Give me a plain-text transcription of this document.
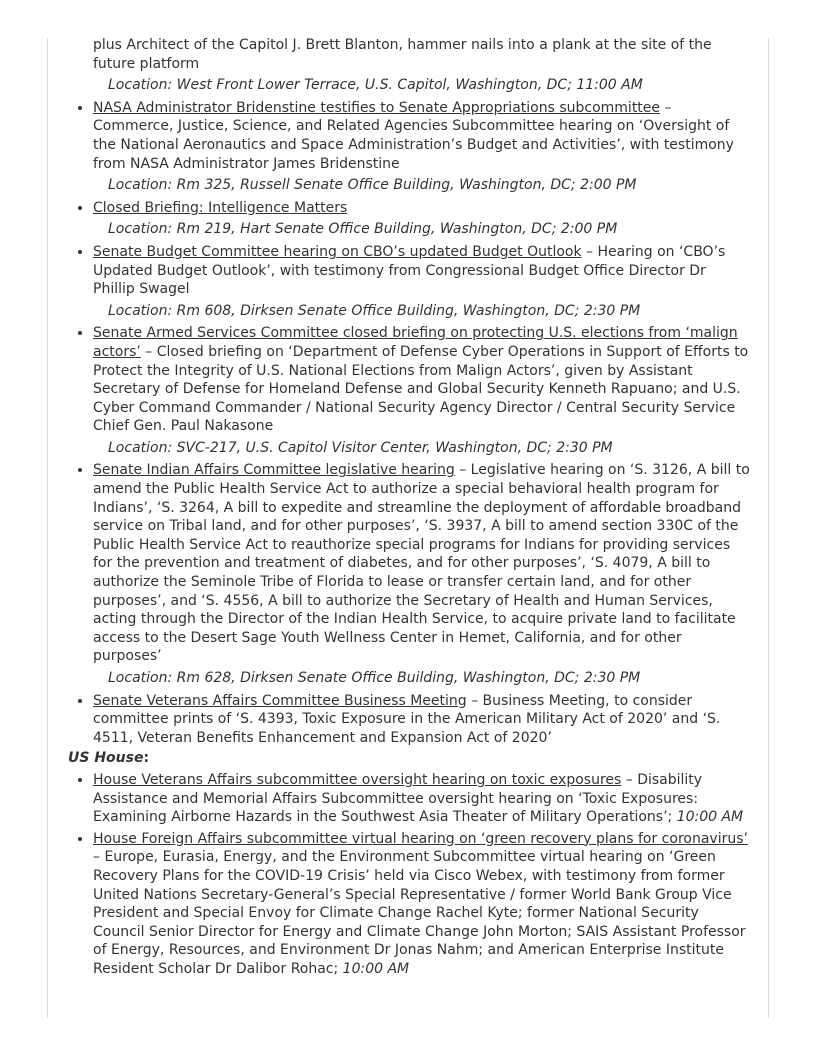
plus Architect of the Capitol J. Brett Blanton, hammer nails into a plank at the site of the future platform
Location: West Front Lower Terrace, U.S. Capitol, Washington, DC; 11:00 AM
• NASA Administrator Bridenstine testifies to Senate Appropriations subcommittee – Commerce, Justice, Science, and Related Agencies Subcommittee hearing on ‘Oversight of the National Aeronautics and Space Administration’s Budget and Activities’, with testimony from NASA Administrator James Bridenstine
Location: Rm 325, Russell Senate Office Building, Washington, DC; 2:00 PM
• Closed Briefing: Intelligence Matters
Location: Rm 219, Hart Senate Office Building, Washington, DC; 2:00 PM
• Senate Budget Committee hearing on CBO’s updated Budget Outlook – Hearing on ‘CBO’s Updated Budget Outlook’, with testimony from Congressional Budget Office Director Dr Phillip Swagel
Location: Rm 608, Dirksen Senate Office Building, Washington, DC; 2:30 PM
• Senate Armed Services Committee closed briefing on protecting U.S. elections from ‘malign actors’ – Closed briefing on ‘Department of Defense Cyber Operations in Support of Efforts to Protect the Integrity of U.S. National Elections from Malign Actors’, given by Assistant Secretary of Defense for Homeland Defense and Global Security Kenneth Rapuano; and U.S. Cyber Command Commander / National Security Agency Director / Central Security Service Chief Gen. Paul Nakasone
Location: SVC-217, U.S. Capitol Visitor Center, Washington, DC; 2:30 PM
• Senate Indian Affairs Committee legislative hearing – Legislative hearing on ‘S. 3126, A bill to amend the Public Health Service Act to authorize a special behavioral health program for Indians’, ‘S. 3264, A bill to expedite and streamline the deployment of affordable broadband service on Tribal land, and for other purposes’, ‘S. 3937, A bill to amend section 330C of the Public Health Service Act to reauthorize special programs for Indians for providing services for the prevention and treatment of diabetes, and for other purposes’, ‘S. 4079, A bill to authorize the Seminole Tribe of Florida to lease or transfer certain land, and for other purposes’, and ‘S. 4556, A bill to authorize the Secretary of Health and Human Services, acting through the Director of the Indian Health Service, to acquire private land to facilitate access to the Desert Sage Youth Wellness Center in Hemet, California, and for other purposes’
Location: Rm 628, Dirksen Senate Office Building, Washington, DC; 2:30 PM
• Senate Veterans Affairs Committee Business Meeting – Business Meeting, to consider committee prints of ‘S. 4393, Toxic Exposure in the American Military Act of 2020’ and ‘S. 4511, Veteran Benefits Enhancement and Expansion Act of 2020’
US House:
• House Veterans Affairs subcommittee oversight hearing on toxic exposures – Disability Assistance and Memorial Affairs Subcommittee oversight hearing on ‘Toxic Exposures: Examining Airborne Hazards in the Southwest Asia Theater of Military Operations’; 10:00 AM
• House Foreign Affairs subcommittee virtual hearing on ‘green recovery plans for coronavirus’ – Europe, Eurasia, Energy, and the Environment Subcommittee virtual hearing on ‘Green Recovery Plans for the COVID-19 Crisis’ held via Cisco Webex, with testimony from former United Nations Secretary-General’s Special Representative / former World Bank Group Vice President and Special Envoy for Climate Change Rachel Kyte; former National Security Council Senior Director for Energy and Climate Change John Morton; SAIS Assistant Professor of Energy, Resources, and Environment Dr Jonas Nahm; and American Enterprise Institute Resident Scholar Dr Dalibor Rohac; 10:00 AM
